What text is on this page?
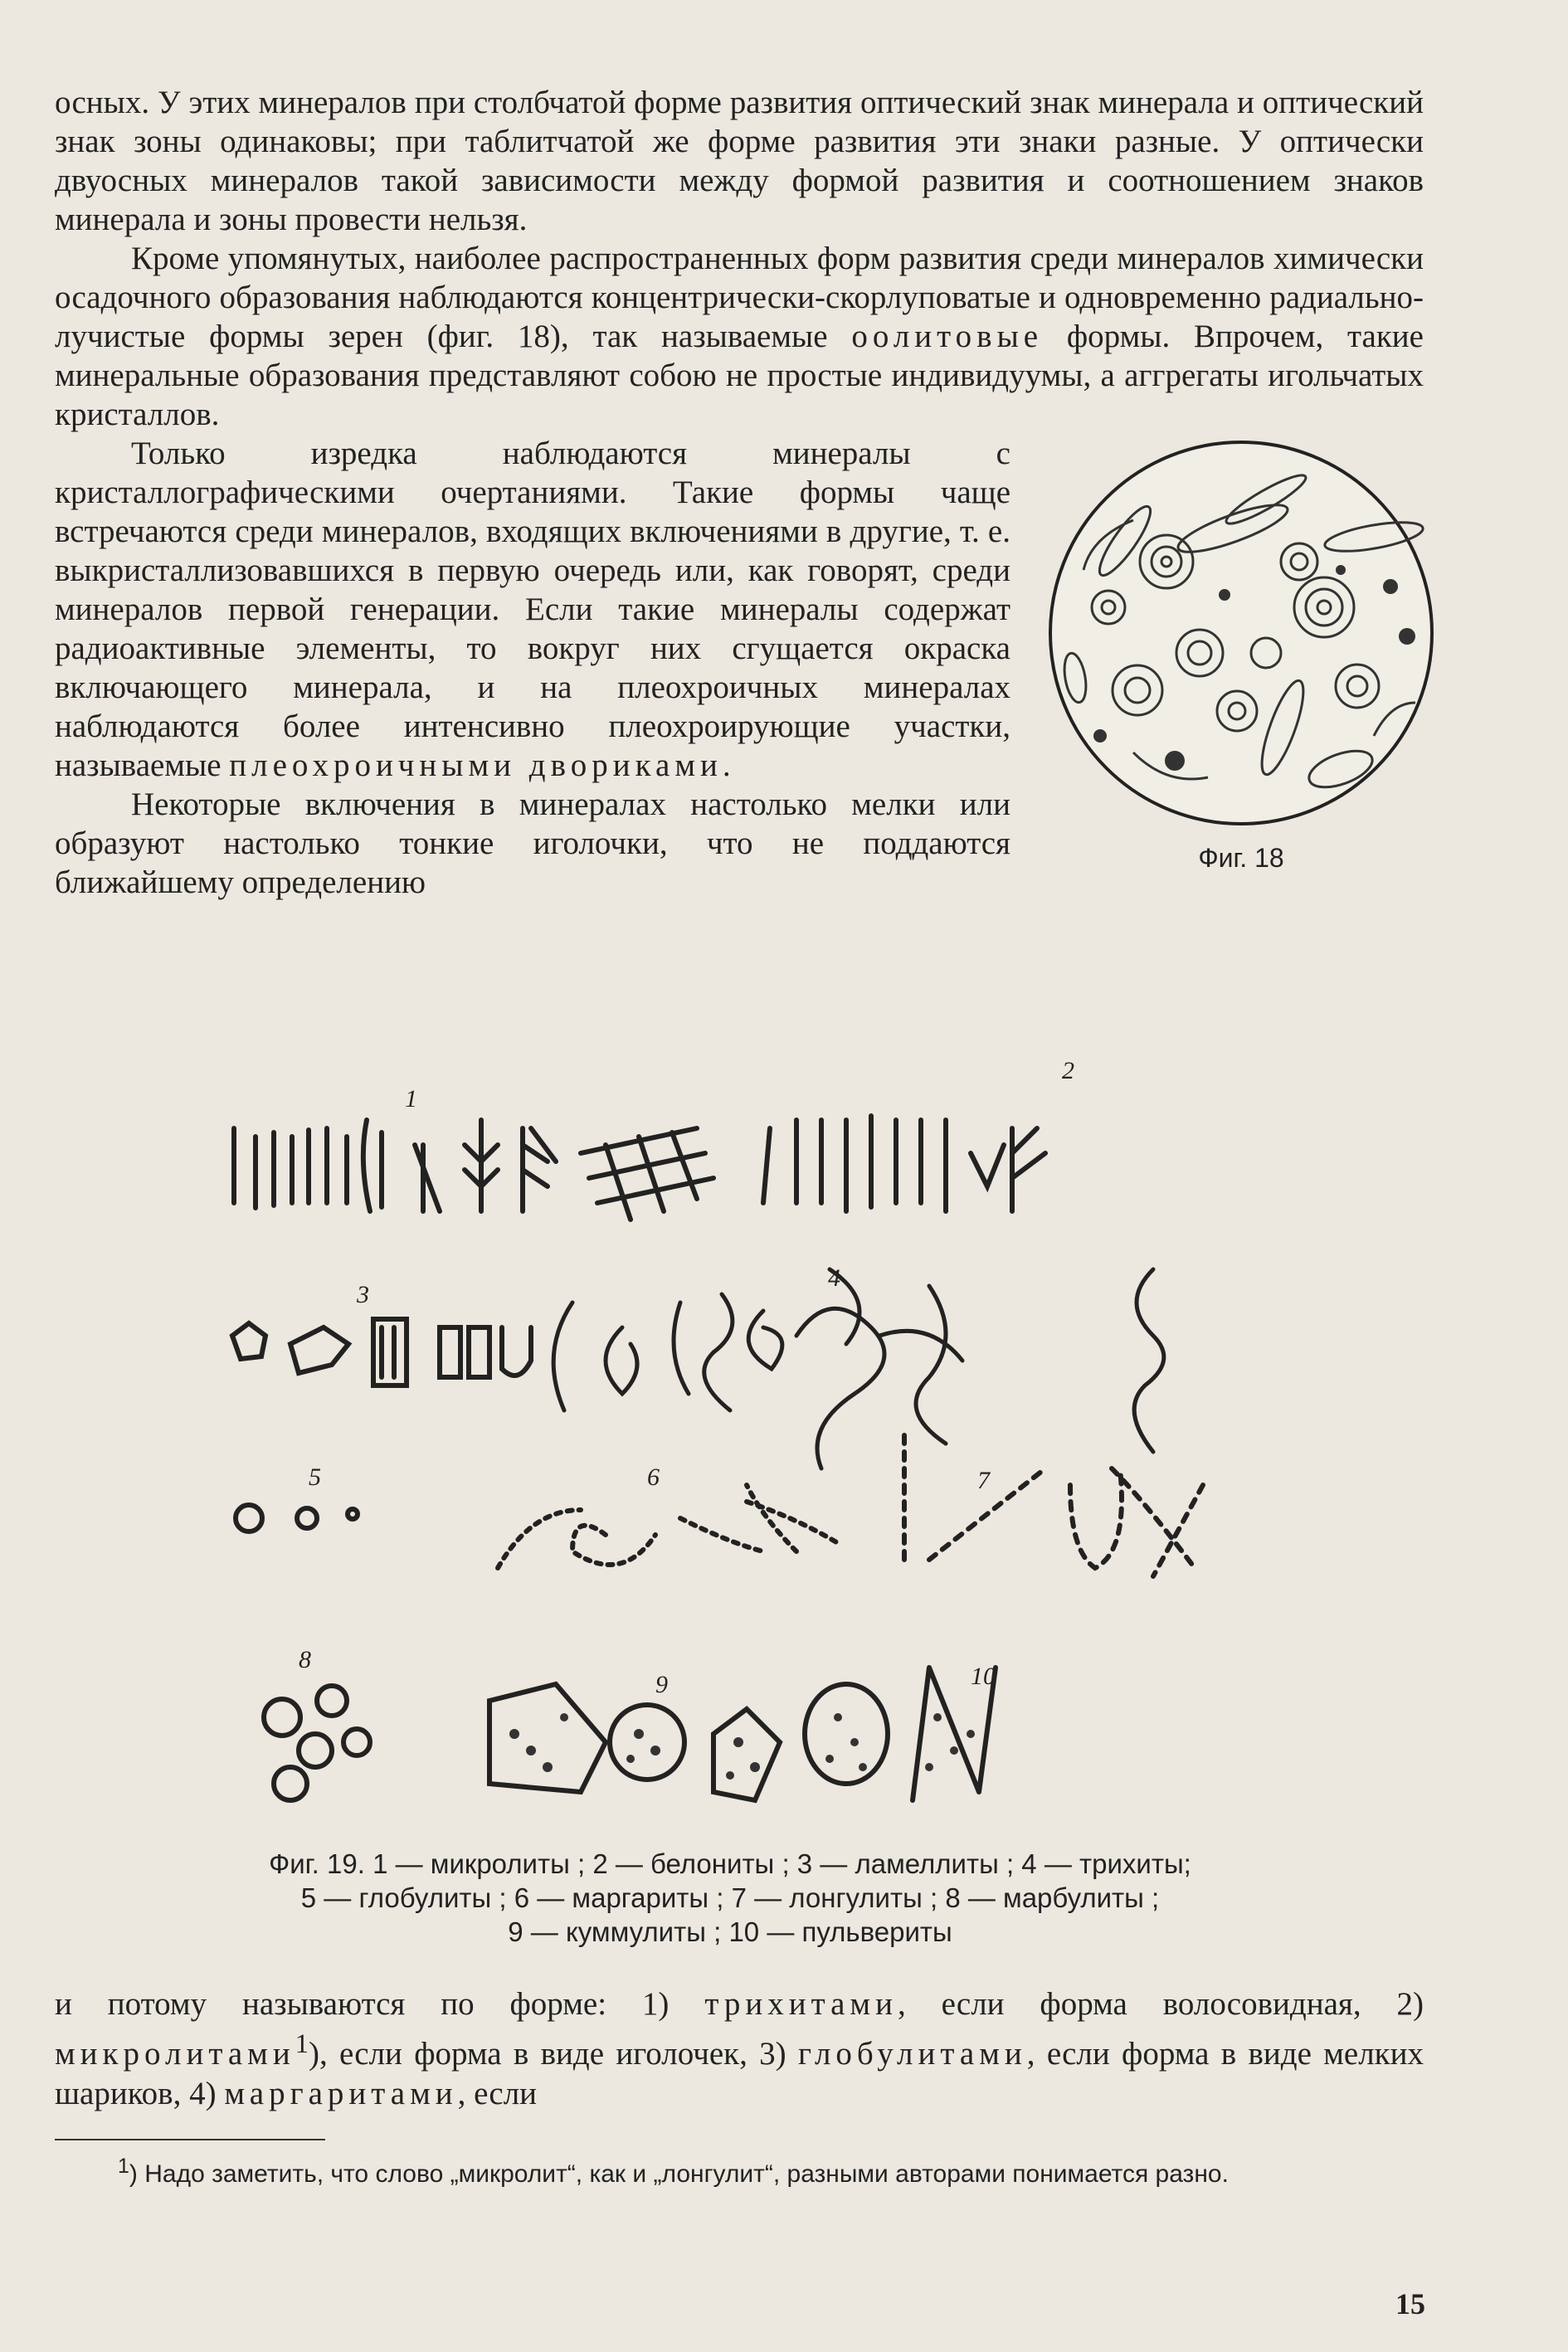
осных. У этих минералов при столбчатой форме развития оптический знак минерала и оптический знак зоны одинаковы; при таблитчатой же форме развития эти знаки разные. У оптически двуосных минералов такой зависимости между формой развития и соотношением знаков минерала и зоны провести нельзя.

Кроме упомянутых, наиболее распространенных форм развития среди минералов химически осадочного образования наблюдаются концентрически-скорлуповатые и одновременно радиально-лучистые формы зерен (фиг. 18), так называемые оолитовые формы. Впрочем, такие минеральные образования представляют собою не простые индивидуумы, а аггрегаты игольчатых кристаллов.

Фиг. 18

Только изредка наблюдаются минералы с кристаллографическими очертаниями. Такие формы чаще встречаются среди минералов, входящих включениями в другие, т. е. выкристаллизовавшихся в первую очередь или, как говорят, среди минералов первой генерации. Если такие минералы содержат радиоактивные элементы, то вокруг них сгущается окраска включающего минерала, и на плеохроичных минералах наблюдаются более интенсивно плеохроирующие участки, называемые плеохроичными двориками.

Некоторые включения в минералах настолько мелки или образуют настолько тонкие иголочки, что не поддаются ближайшему определению

1
2
3
4
5	6	7
8
9	10
Фиг. 19. 1 — микролиты ; 2 — белониты ; 3 — ламеллиты ; 4 — трихиты;
5 — глобулиты ; 6 — маргариты ; 7 — лонгулиты ; 8 — марбулиты ;
9 — куммулиты ; 10 — пульвериты

и потому называются по форме: 1) трихитами, если форма волосовидная, 2) микролитами$^1$), если форма в виде иголочек, 3) глобулитами, если форма в виде мелких шариков, 4) маргаритами, если

$^1$) Надо заметить, что слово „микролит“, как и „лонгулит“, разными авторами понимается разно.
15
